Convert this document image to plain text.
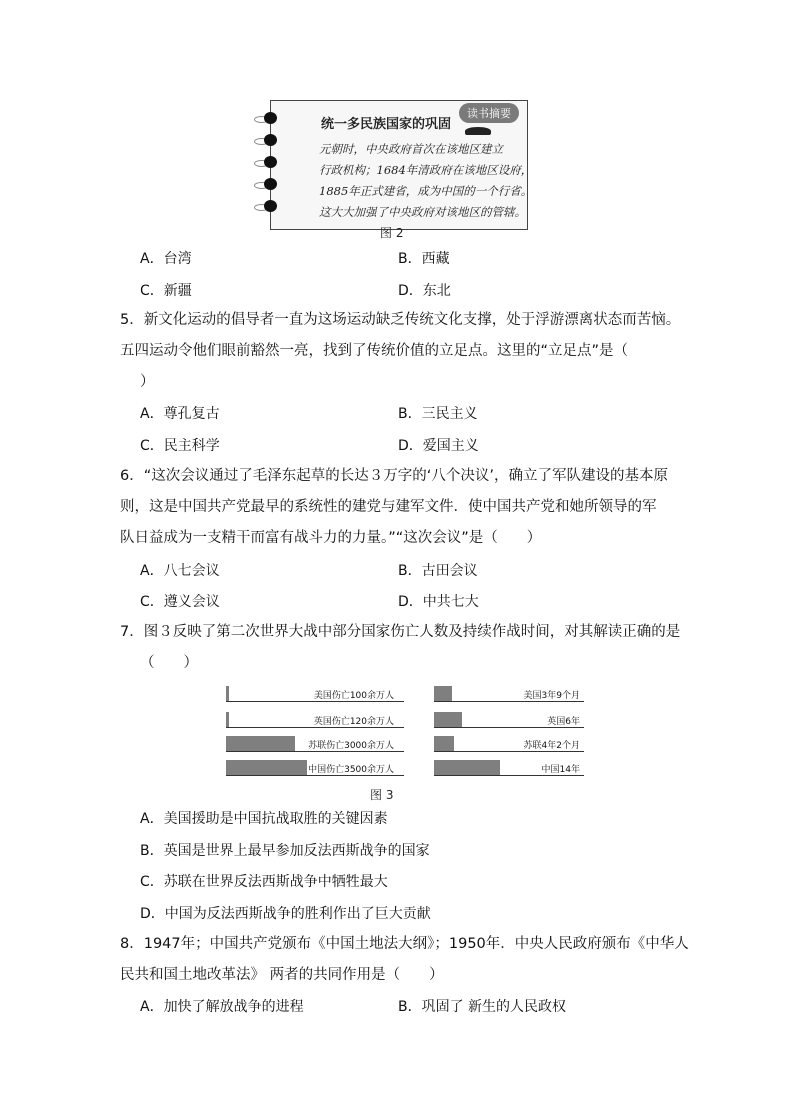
读书摘要
统一多民族国家的巩固
元朝时，中央政府首次在该地区建立
行政机构；1684年清政府在该地区设府，
1885年正式建省，成为中国的一个行省。
这大大加强了中央政府对该地区的管辖。
图 2
A．台湾	B．西藏
C．新疆	D．东北

5．新文化运动的倡导者一直为这场运动缺乏传统文化支撑，处于浮游漂离状态而苦恼。

五四运动令他们眼前豁然一亮，找到了传统价值的立足点。这里的“立足点”是（

）

A．尊孔复古	B．三民主义
C．民主科学	D．爱国主义

6．“这次会议通过了毛泽东起草的长达３万字的‘八个决议’，确立了军队建设的基本原

则，这是中国共产党最早的系统性的建党与建军文件．使中国共产党和她所领导的军

队日益成为一支精干而富有战斗力的力量。”“这次会议”是（　　）

A．八七会议	B．古田会议
C．遵义会议	D．中共七大

7．图３反映了第二次世界大战中部分国家伤亡人数及持续作战时间，对其解读正确的是

（　　）

图 3
美国伤亡100余万人
英国伤亡120余万人
苏联伤亡3000余万人
中国伤亡3500余万人
美国3年9个月
英国6年
苏联4年2个月
中国14年
A．美国援助是中国抗战取胜的关键因素
B．英国是世界上最早参加反法西斯战争的国家
C．苏联在世界反法西斯战争中牺牲最大
D．中国为反法西斯战争的胜利作出了巨大贡献

8．1947年；中国共产党颁布《中国土地法大纲》；1950年．中央人民政府颁布《中华人

民共和国土地改革法》 两者的共同作用是（　　）

A．加快了解放战争的进程	B．巩固了 新生的人民政权
